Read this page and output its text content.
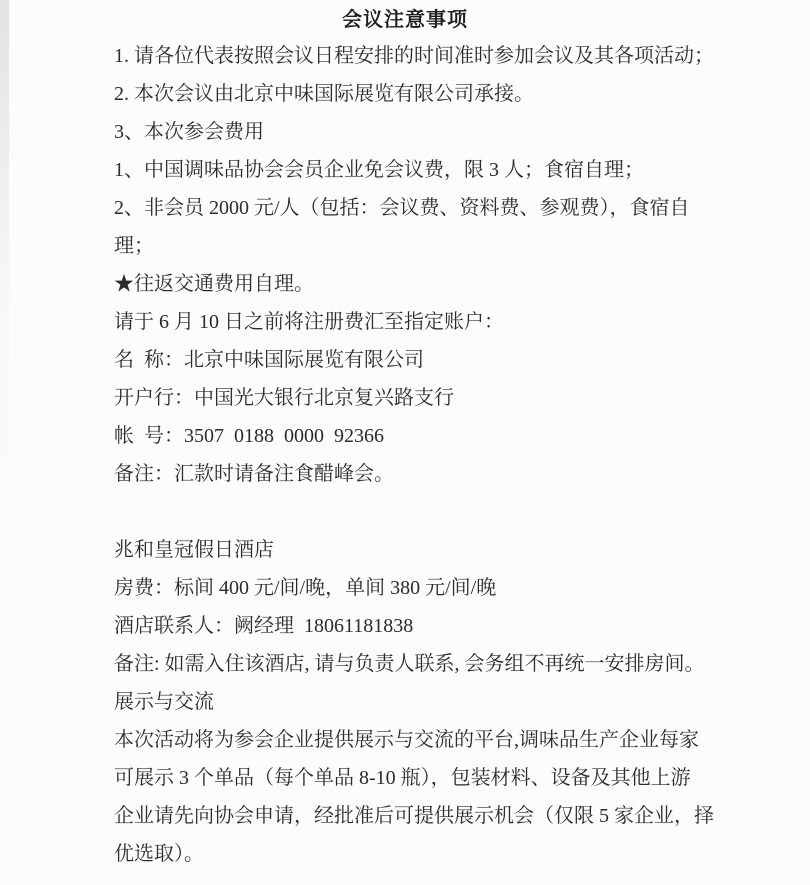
会议注意事项

1. 请各位代表按照会议日程安排的时间准时参加会议及其各项活动；

2. 本次会议由北京中味国际展览有限公司承接。

3、本次参会费用

1、中国调味品协会会员企业免会议费，限 3 人；食宿自理；

2、非会员 2000 元/人（包括：会议费、资料费、参观费），食宿自

理；

★往返交通费用自理。

请于 6 月 10 日之前将注册费汇至指定账户：

名  称：北京中味国际展览有限公司

开户行：中国光大银行北京复兴路支行

帐  号：3507  0188  0000  92366

备注：汇款时请备注食醋峰会。

兆和皇冠假日酒店

房费：标间 400 元/间/晚，单间 380 元/间/晚

酒店联系人：阙经理  18061181838

备注: 如需入住该酒店, 请与负责人联系, 会务组不再统一安排房间。

展示与交流

本次活动将为参会企业提供展示与交流的平台,调味品生产企业每家

可展示 3 个单品（每个单品 8-10 瓶），包装材料、设备及其他上游

企业请先向协会申请，经批准后可提供展示机会（仅限 5 家企业，择

优选取）。
